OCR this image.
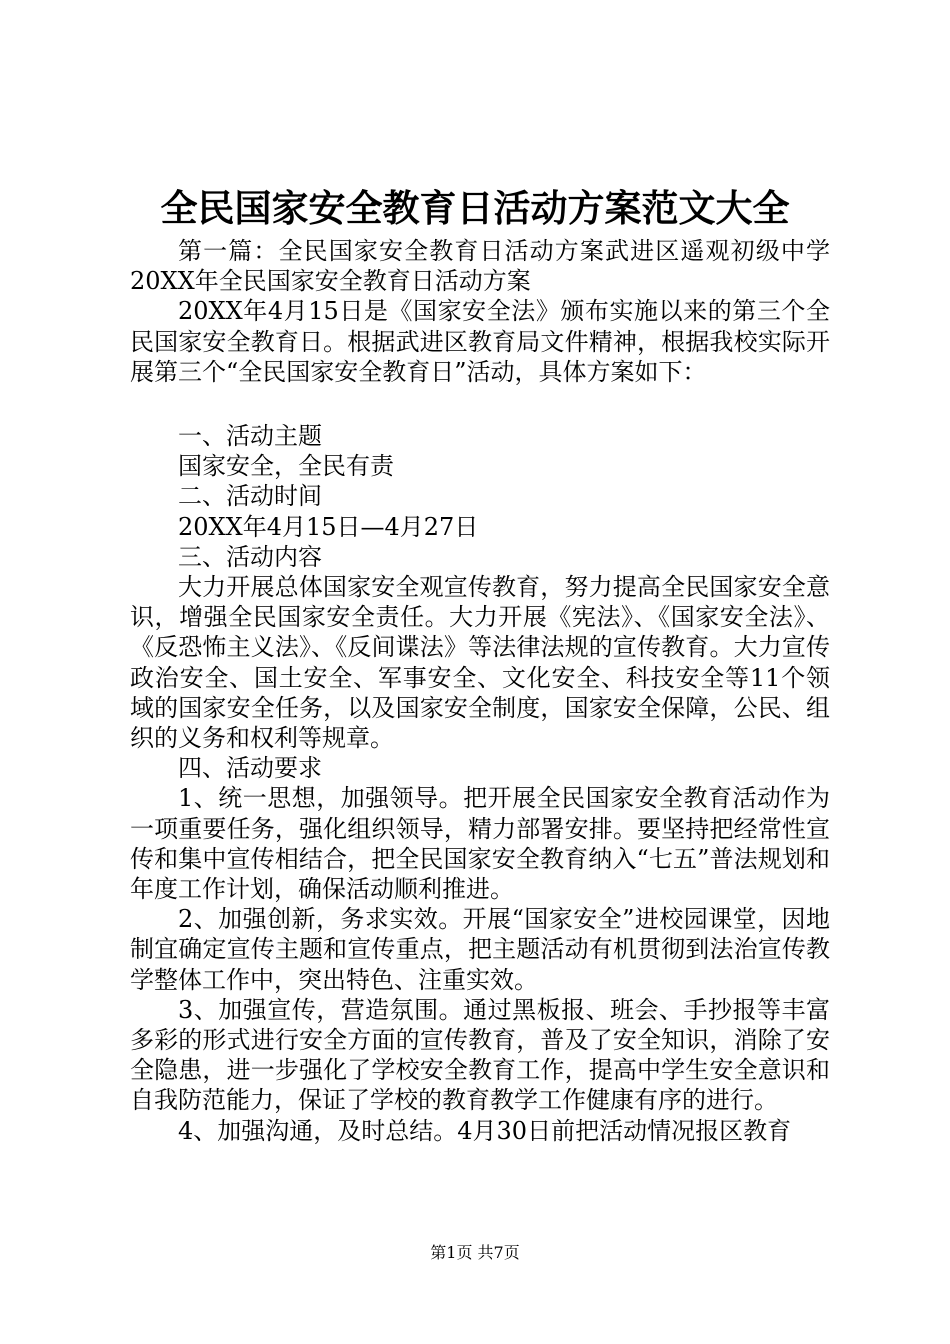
全民国家安全教育日活动方案范文大全

第一篇：全民国家安全教育日活动方案武进区遥观初级中学20XX年全民国家安全教育日活动方案

20XX年4月15日是《国家安全法》颁布实施以来的第三个全民国家安全教育日。根据武进区教育局文件精神，根据我校实际开展第三个“全民国家安全教育日”活动，具体方案如下：

一、活动主题

国家安全，全民有责

二、活动时间

20XX年4月15日—4月27日

三、活动内容

大力开展总体国家安全观宣传教育，努力提高全民国家安全意识，增强全民国家安全责任。大力开展《宪法》、《国家安全法》、《反恐怖主义法》、《反间谍法》等法律法规的宣传教育。大力宣传政治安全、国土安全、军事安全、文化安全、科技安全等11个领域的国家安全任务，以及国家安全制度，国家安全保障，公民、组织的义务和权利等规章。

四、活动要求

1、统一思想，加强领导。把开展全民国家安全教育活动作为一项重要任务，强化组织领导，精力部署安排。要坚持把经常性宣传和集中宣传相结合，把全民国家安全教育纳入“七五”普法规划和年度工作计划，确保活动顺利推进。

2、加强创新，务求实效。开展“国家安全”进校园课堂，因地制宜确定宣传主题和宣传重点，把主题活动有机贯彻到法治宣传教学整体工作中，突出特色、注重实效。

3、加强宣传，营造氛围。通过黑板报、班会、手抄报等丰富多彩的形式进行安全方面的宣传教育，普及了安全知识，消除了安全隐患，进一步强化了学校安全教育工作，提高中学生安全意识和自我防范能力，保证了学校的教育教学工作健康有序的进行。

4、加强沟通，及时总结。4月30日前把活动情况报区教育

第1页 共7页
